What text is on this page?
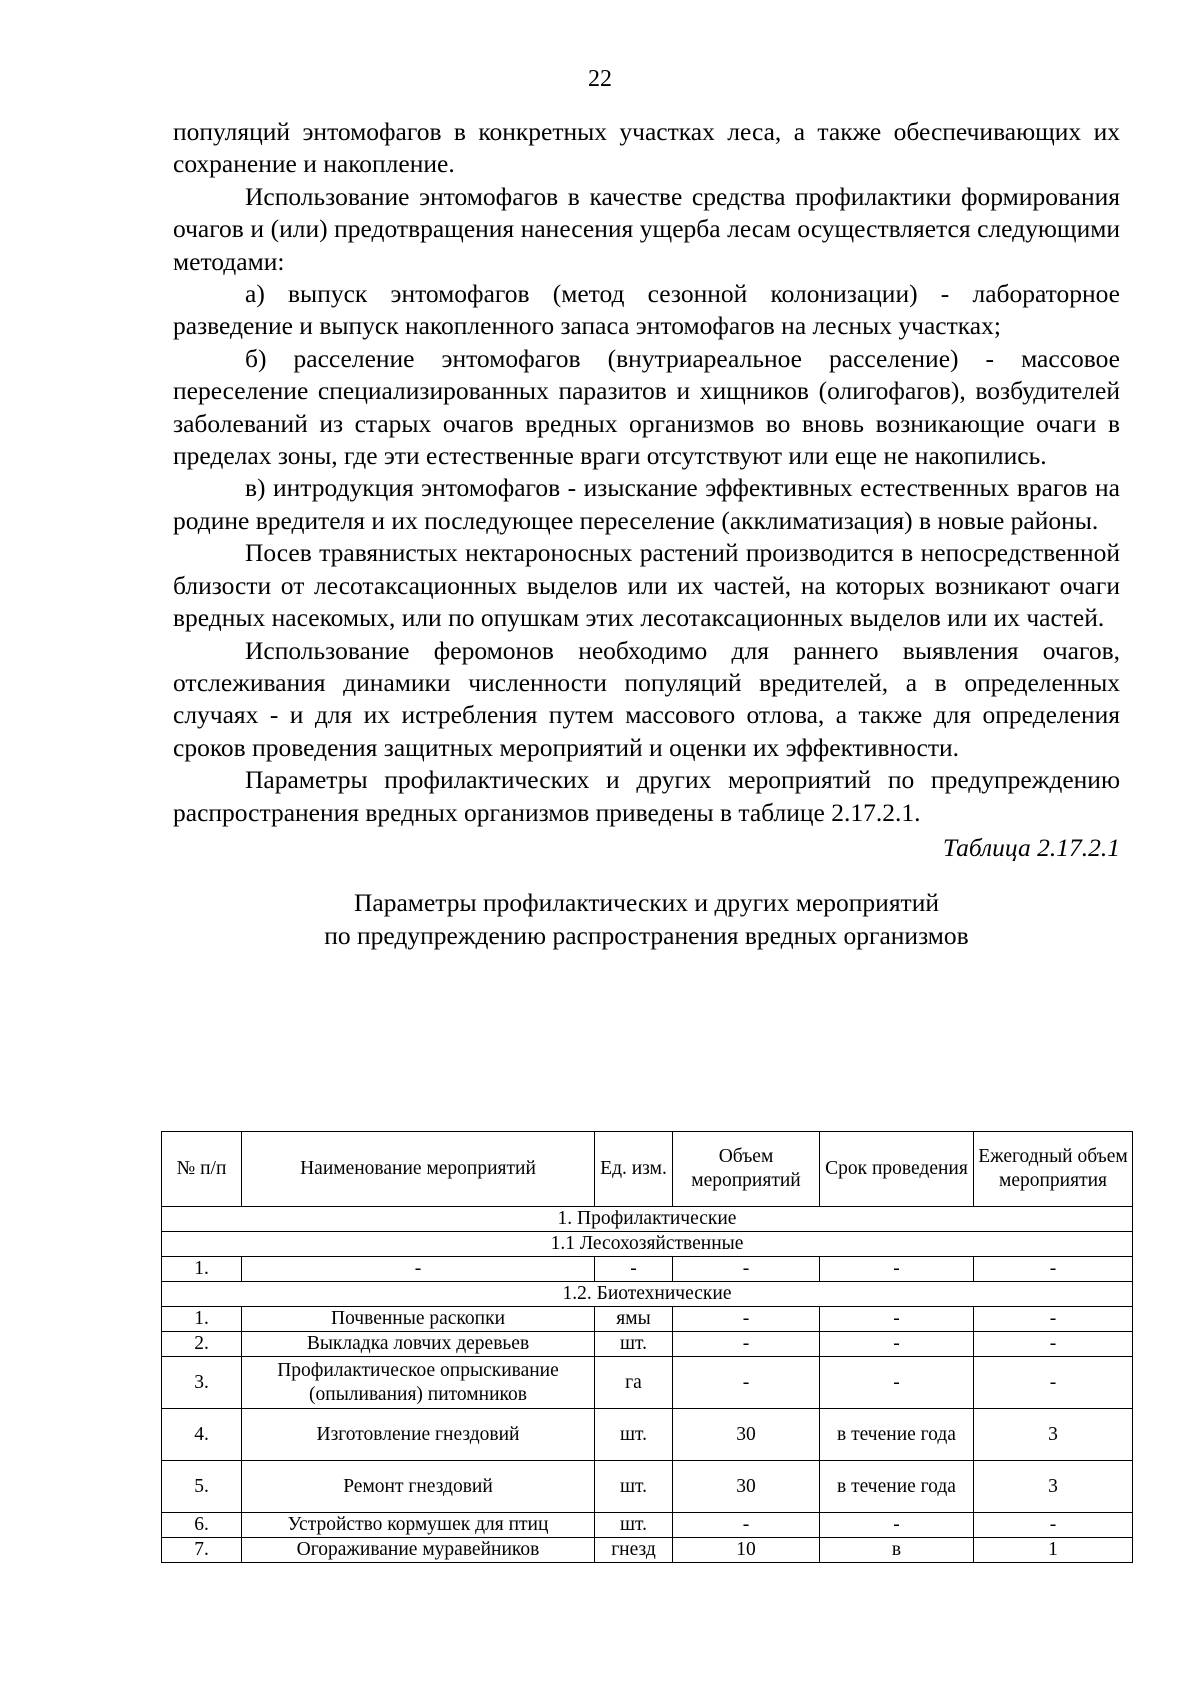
22

популяций энтомофагов в конкретных участках леса, а также обеспечивающих их сохранение и накопление.

Использование энтомофагов в качестве средства профилактики формирования очагов и (или) предотвращения нанесения ущерба лесам осуществляется следующими методами:

а) выпуск энтомофагов (метод сезонной колонизации) - лабораторное разведение и выпуск накопленного запаса энтомофагов на лесных участках;

б) расселение энтомофагов (внутриареальное расселение) - массовое переселение специализированных паразитов и хищников (олигофагов), возбудителей заболеваний из старых очагов вредных организмов во вновь возникающие очаги в пределах зоны, где эти естественные враги отсутствуют или еще не накопились.

в) интродукция энтомофагов - изыскание эффективных естественных врагов на родине вредителя и их последующее переселение (акклиматизация) в новые районы.

Посев травянистых нектароносных растений производится в непосредственной близости от лесотаксационных выделов или их частей, на которых возникают очаги вредных насекомых, или по опушкам этих лесотаксационных выделов или их частей.

Использование феромонов необходимо для раннего выявления очагов, отслеживания динамики численности популяций вредителей, а в определенных случаях - и для их истребления путем массового отлова, а также для определения сроков проведения защитных мероприятий и оценки их эффективности.

Параметры профилактических и других мероприятий по предупреждению распространения вредных организмов приведены в таблице 2.17.2.1.

Таблица 2.17.2.1
Параметры профилактических и других мероприятий
по предупреждению распространения вредных организмов
№ п/п	Наименование мероприятий	Ед. изм.	Объем мероприятий	Срок проведения	Ежегодный объем мероприятия
1. Профилактические					
1.1 Лесохозяйственные					
1.	-	-	-	-	-
1.2. Биотехнические					
1.	Почвенные раскопки	ямы	-	-	-
2.	Выкладка ловчих деревьев	шт.	-	-	-
3.	Профилактическое опрыскивание (опыливания) питомников	га	-	-	-
4.	Изготовление гнездовий	шт.	30	в течение года	3
5.	Ремонт гнездовий	шт.	30	в течение года	3
6.	Устройство кормушек для птиц	шт.	-	-	-
7.	Огораживание муравейников	гнезд	10	в	1
